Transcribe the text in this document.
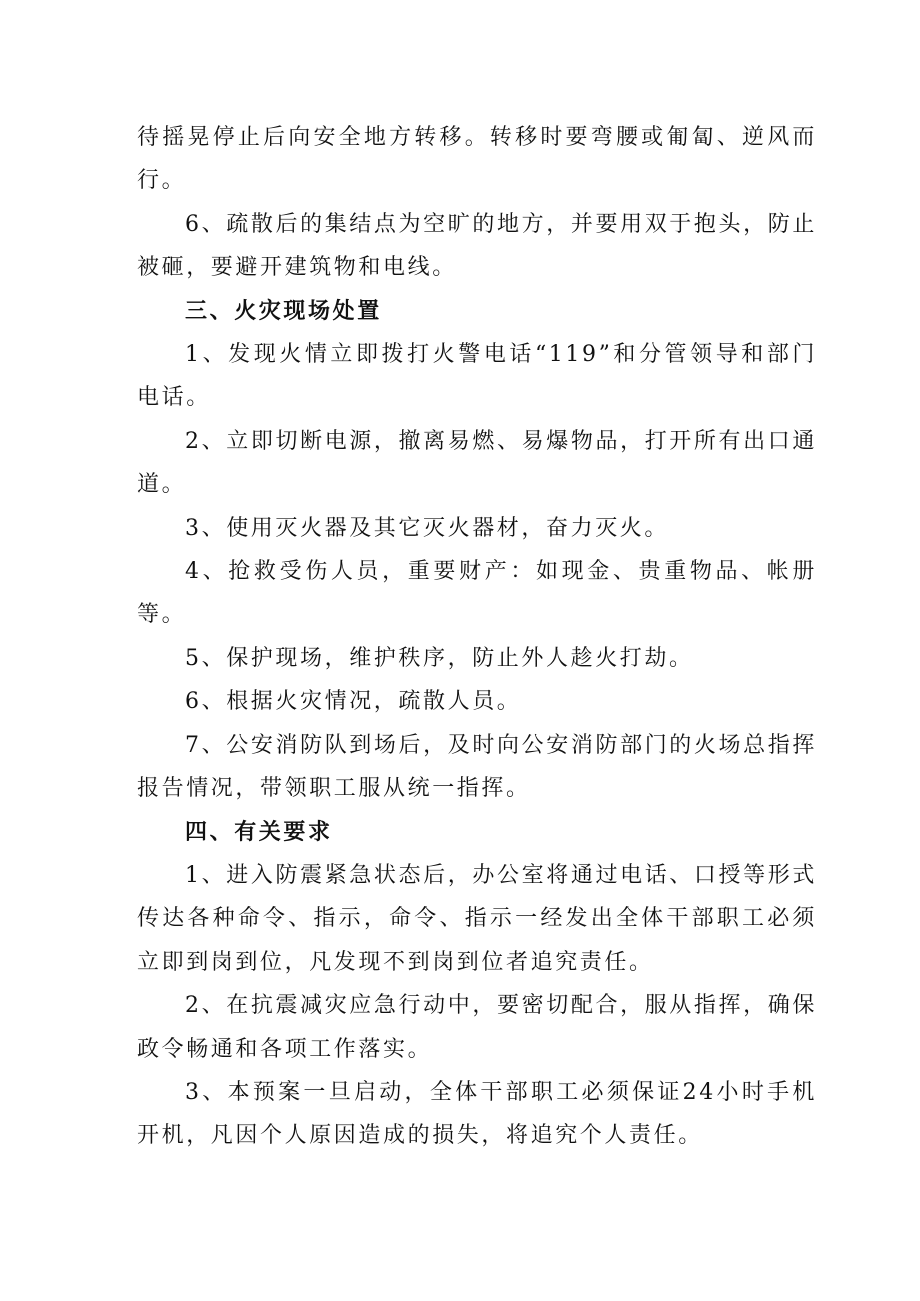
待摇晃停止后向安全地方转移。转移时要弯腰或匍匐、逆风而行。

6、疏散后的集结点为空旷的地方，并要用双于抱头，防止被砸，要避开建筑物和电线。

三、火灾现场处置

1、发现火情立即拨打火警电话“119”和分管领导和部门电话。

2、立即切断电源，撤离易燃、易爆物品，打开所有出口通道。

3、使用灭火器及其它灭火器材，奋力灭火。

4、抢救受伤人员，重要财产：如现金、贵重物品、帐册等。

5、保护现场，维护秩序，防止外人趁火打劫。

6、根据火灾情况，疏散人员。

7、公安消防队到场后，及时向公安消防部门的火场总指挥报告情况，带领职工服从统一指挥。

四、有关要求

1、进入防震紧急状态后，办公室将通过电话、口授等形式传达各种命令、指示，命令、指示一经发出全体干部职工必须立即到岗到位，凡发现不到岗到位者追究责任。

2、在抗震减灾应急行动中，要密切配合，服从指挥，确保政令畅通和各项工作落实。

3、本预案一旦启动，全体干部职工必须保证24小时手机开机，凡因个人原因造成的损失，将追究个人责任。
